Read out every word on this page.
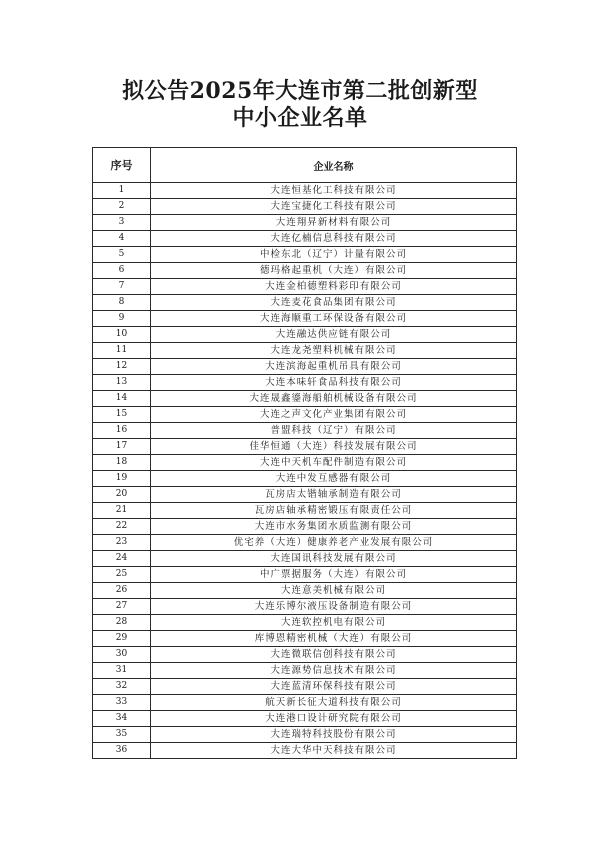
拟公告2025年大连市第二批创新型
中小企业名单
序号	企业名称
1	大连恒基化工科技有限公司
2	大连宝捷化工科技有限公司
3	大连翔昇新材料有限公司
4	大连亿楠信息科技有限公司
5	中检东北（辽宁）计量有限公司
6	德玛格起重机（大连）有限公司
7	大连金柏德塑料彩印有限公司
8	大连麦花食品集团有限公司
9	大连海顺重工环保设备有限公司
10	大连融达供应链有限公司
11	大连龙尧塑料机械有限公司
12	大连滨海起重机吊具有限公司
13	大连本味轩食品科技有限公司
14	大连晟鑫鎏海船舶机械设备有限公司
15	大连之声文化产业集团有限公司
16	普盟科技（辽宁）有限公司
17	佳华恒通（大连）科技发展有限公司
18	大连中天机车配件制造有限公司
19	大连中发互感器有限公司
20	瓦房店太锴轴承制造有限公司
21	瓦房店轴承精密锻压有限责任公司
22	大连市水务集团水质监测有限公司
23	优宅养（大连）健康养老产业发展有限公司
24	大连国讯科技发展有限公司
25	中广票据服务（大连）有限公司
26	大连意美机械有限公司
27	大连乐博尔液压设备制造有限公司
28	大连软控机电有限公司
29	库博恩精密机械（大连）有限公司
30	大连微联信创科技有限公司
31	大连源势信息技术有限公司
32	大连蓝清环保科技有限公司
33	航天新长征大道科技有限公司
34	大连港口设计研究院有限公司
35	大连瑞特科技股份有限公司
36	大连大华中天科技有限公司
